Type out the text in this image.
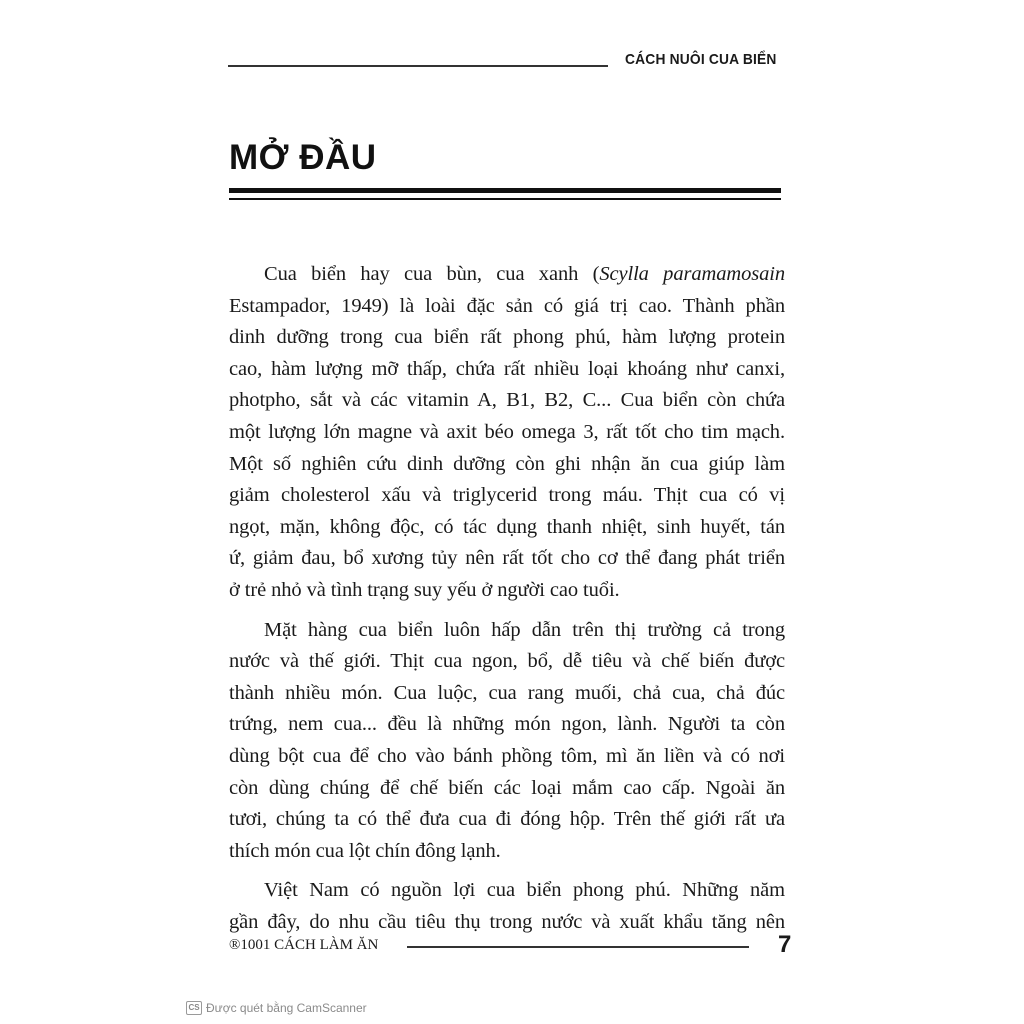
CÁCH NUÔI CUA BIỂN
MỞ ĐẦU
Cua biển hay cua bùn, cua xanh (Scylla paramamosain
Estampador, 1949) là loài đặc sản có giá trị cao. Thành phần
dinh dưỡng trong cua biển rất phong phú, hàm lượng protein
cao, hàm lượng mỡ thấp, chứa rất nhiều loại khoáng như canxi,
photpho, sắt và các vitamin A, B1, B2, C... Cua biển còn chứa
một lượng lớn magne và axit béo omega 3, rất tốt cho tim mạch.
Một số nghiên cứu dinh dưỡng còn ghi nhận ăn cua giúp làm
giảm cholesterol xấu và triglycerid trong máu. Thịt cua có vị
ngọt, mặn, không độc, có tác dụng thanh nhiệt, sinh huyết, tán
ứ, giảm đau, bổ xương tủy nên rất tốt cho cơ thể đang phát triển
ở trẻ nhỏ và tình trạng suy yếu ở người cao tuổi.
Mặt hàng cua biển luôn hấp dẫn trên thị trường cả trong
nước và thế giới. Thịt cua ngon, bổ, dễ tiêu và chế biến được
thành nhiều món. Cua luộc, cua rang muối, chả cua, chả đúc
trứng, nem cua... đều là những món ngon, lành. Người ta còn
dùng bột cua để cho vào bánh phồng tôm, mì ăn liền và có nơi
còn dùng chúng để chế biến các loại mắm cao cấp. Ngoài ăn
tươi, chúng ta có thể đưa cua đi đóng hộp. Trên thế giới rất ưa
thích món cua lột chín đông lạnh.
Việt Nam có nguồn lợi cua biển phong phú. Những năm
gần đây, do nhu cầu tiêu thụ trong nước và xuất khẩu tăng nên
®1001 CÁCH LÀM ĂN	7
CS Được quét bằng CamScanner
